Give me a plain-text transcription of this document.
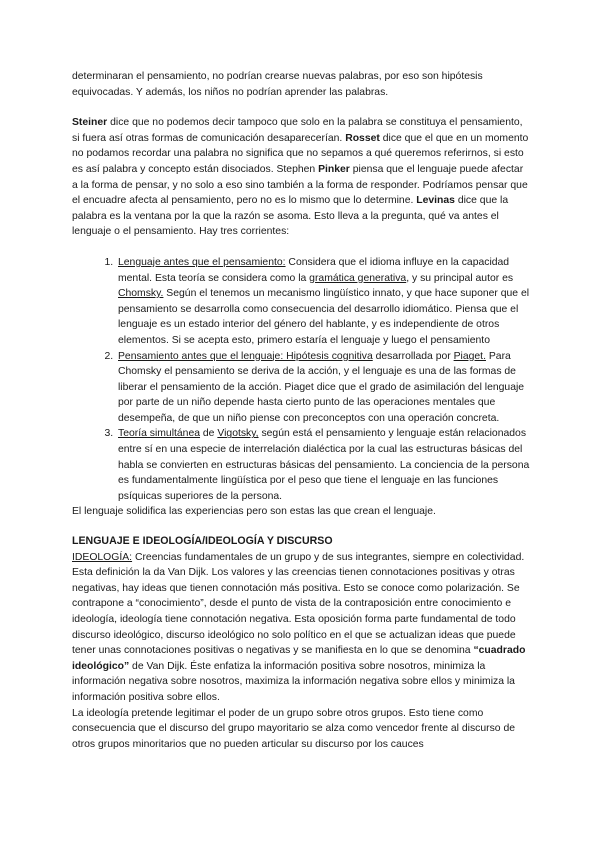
determinaran el pensamiento, no podrían crearse nuevas palabras, por eso son hipótesis equivocadas. Y además, los niños no podrían aprender las palabras.

Steiner dice que no podemos decir tampoco que solo en la palabra se constituya el pensamiento, si fuera así otras formas de comunicación desaparecerían. Rosset dice que el que en un momento no podamos recordar una palabra no significa que no sepamos a qué queremos referirnos, si esto es así palabra y concepto están disociados. Stephen Pinker piensa que el lenguaje puede afectar a la forma de pensar, y no solo a eso sino también a la forma de responder. Podríamos pensar que el encuadre afecta al pensamiento, pero no es lo mismo que lo determine. Levinas dice que la palabra es la ventana por la que la razón se asoma. Esto lleva a la pregunta, qué va antes el lenguaje o el pensamiento. Hay tres corrientes:

1. Lenguaje antes que el pensamiento: Considera que el idioma influye en la capacidad mental. Esta teoría se considera como la gramática generativa, y su principal autor es Chomsky. Según el tenemos un mecanismo lingüístico innato, y que hace suponer que el pensamiento se desarrolla como consecuencia del desarrollo idiomático. Piensa que el lenguaje es un estado interior del género del hablante, y es independiente de otros elementos. Si se acepta esto, primero estaría el lenguaje y luego el pensamiento
2. Pensamiento antes que el lenguaje: Hipótesis cognitiva desarrollada por Piaget. Para Chomsky el pensamiento se deriva de la acción, y el lenguaje es una de las formas de liberar el pensamiento de la acción. Piaget dice que el grado de asimilación del lenguaje por parte de un niño depende hasta cierto punto de las operaciones mentales que desempeña, de que un niño piense con preconceptos con una operación concreta.
3. Teoría simultánea de Vigotsky, según está el pensamiento y lenguaje están relacionados entre sí en una especie de interrelación dialéctica por la cual las estructuras básicas del habla se convierten en estructuras básicas del pensamiento. La conciencia de la persona es fundamentalmente lingüística por el peso que tiene el lenguaje en las funciones psíquicas superiores de la persona.

El lenguaje solidifica las experiencias pero son estas las que crean el lenguaje.

LENGUAJE E IDEOLOGÍA/IDEOLOGÍA Y DISCURSO

IDEOLOGÍA: Creencias fundamentales de un grupo y de sus integrantes, siempre en colectividad. Esta definición la da Van Dijk. Los valores y las creencias tienen connotaciones positivas y otras negativas, hay ideas que tienen connotación más positiva. Esto se conoce como polarización. Se contrapone a “conocimiento”, desde el punto de vista de la contraposición entre conocimiento e ideología, ideología tiene connotación negativa. Esta oposición forma parte fundamental de todo discurso ideológico, discurso ideológico no solo político en el que se actualizan ideas que puede tener unas connotaciones positivas o negativas y se manifiesta en lo que se denomina “cuadrado ideológico” de Van Dijk. Éste enfatiza la información positiva sobre nosotros, minimiza la información negativa sobre nosotros, maximiza la información negativa sobre ellos y minimiza la información positiva sobre ellos.

La ideología pretende legitimar el poder de un grupo sobre otros grupos. Esto tiene como consecuencia que el discurso del grupo mayoritario se alza como vencedor frente al discurso de otros grupos minoritarios que no pueden articular su discurso por los cauces
